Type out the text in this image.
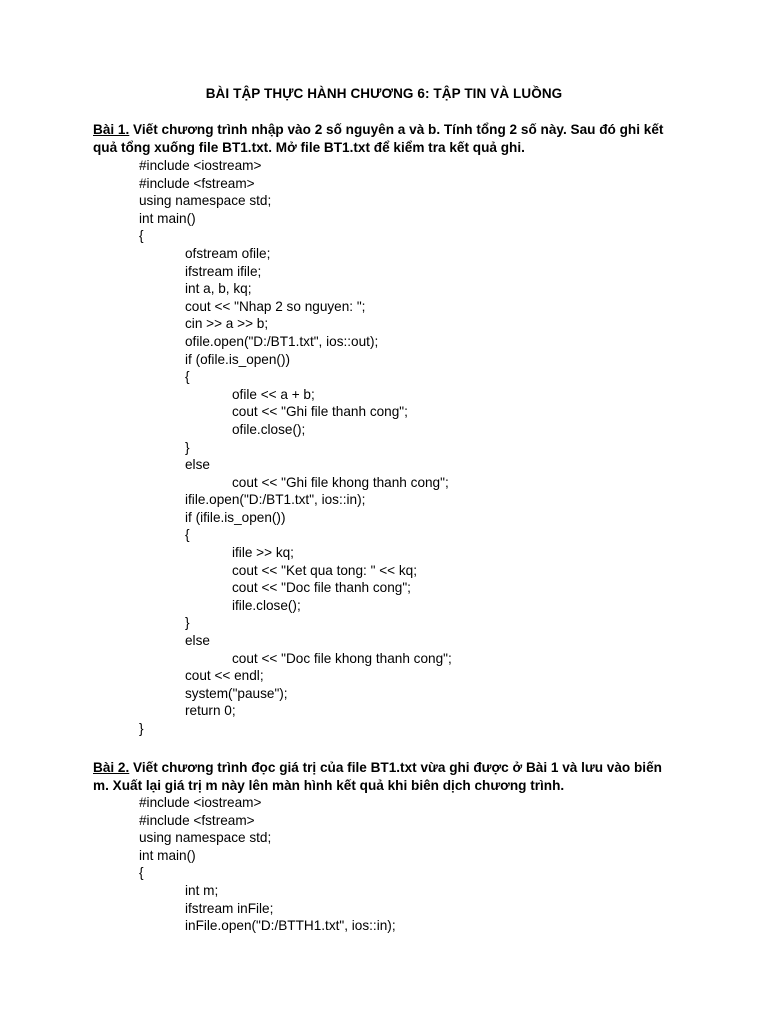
BÀI TẬP THỰC HÀNH CHƯƠNG 6: TẬP TIN VÀ LUỒNG
Bài 1. Viết chương trình nhập vào 2 số nguyên a và b. Tính tổng 2 số này. Sau đó ghi kết quả tổng xuống file BT1.txt. Mở file BT1.txt để kiểm tra kết quả ghi.
#include <iostream>
#include <fstream>
using namespace std;
int main()
{
ofstream ofile;
ifstream ifile;
int a, b, kq;
cout << "Nhap 2 so nguyen: ";
cin >> a >> b;
ofile.open("D:/BT1.txt", ios::out);
if (ofile.is_open())
{
ofile << a + b;
cout << "Ghi file thanh cong";
ofile.close();
}
else
cout << "Ghi file khong thanh cong";
ifile.open("D:/BT1.txt", ios::in);
if (ifile.is_open())
{
ifile >> kq;
cout << "Ket qua tong: " << kq;
cout << "Doc file thanh cong";
ifile.close();
}
else
cout << "Doc file khong thanh cong";
cout << endl;
system("pause");
return 0;
}
Bài 2. Viết chương trình đọc giá trị của file BT1.txt vừa ghi được ở Bài 1 và lưu vào biến m. Xuất lại giá trị m này lên màn hình kết quả khi biên dịch chương trình.
#include <iostream>
#include <fstream>
using namespace std;
int main()
{
int m;
ifstream inFile;
inFile.open("D:/BTTH1.txt", ios::in);
